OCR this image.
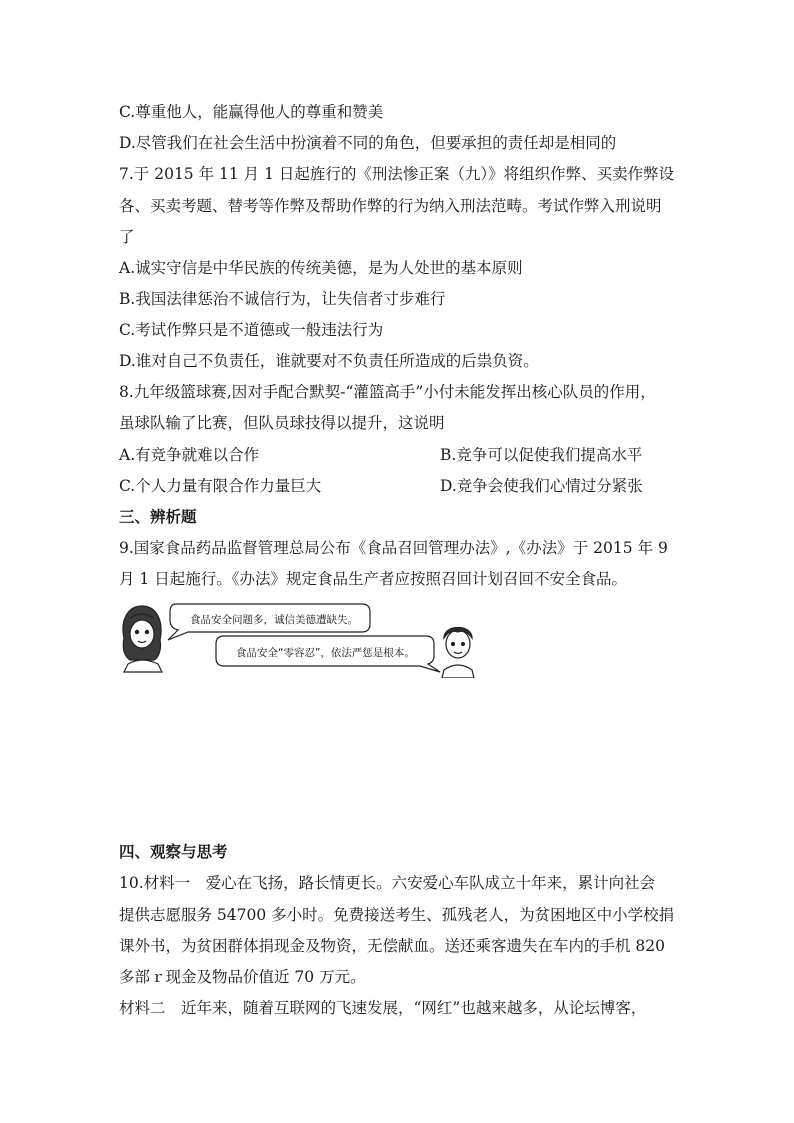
C.尊重他人，能赢得他人的尊重和赞美
D.尽管我们在社会生活中扮演着不同的角色，但要承担的责任却是相同的
7.于 2015 年 11 月 1 日起旌行的《刑法惨正案（九）》将组织作弊、买卖作弊设
各、买卖考题、替考等作弊及帮助作弊的行为纳入刑法范畴。考试作弊入刑说明
了
A.诚实守信是中华民族的传统美德，是为人处世的基本原则
B.我国法律惩治不诚信行为，让失信者寸步难行
C.考试作弊只是不道德或一般违法行为
D.谁对自己不负责任，谁就要对不负责任所造成的后祟负资。
8.九年级篮球赛,因对手配合默契-“灌篮高手”小付未能发挥出核心队员的作用，
虽球队输了比赛，但队员球技得以提升，这说明
A.有竞争就难以合作	B.竞争可以促使我们提高水平
C.个人力量有限合作力量巨大	D.竞争会使我们心情过分紧张
三、辨析题
9.国家食品药品监督管理总局公布《食品召回管理办法》,《办法》于 2015 年 9
月 1 日起施行。《办法》规定食品生产者应按照召回计划召回不安全食品。
食品安全问题多，诚信美德遭缺失。
食品安全“零容忍”，依法严惩是根本。
四、观察与思考
10.材料一　爱心在飞扬，路长情更长。六安爱心车队成立十年来，累计向社会
提供志愿服务 54700 多小时。免费接送考生、孤残老人，为贫困地区中小学校捐
课外书，为贫困群体捐现金及物资，无偿献血。送还乘客遗失在车内的手机 820
多部ｒ现金及物品价值近 70 万元。
材料二　近年来，随着互联网的飞速发展，“网红”也越来越多，从论坛博客，
